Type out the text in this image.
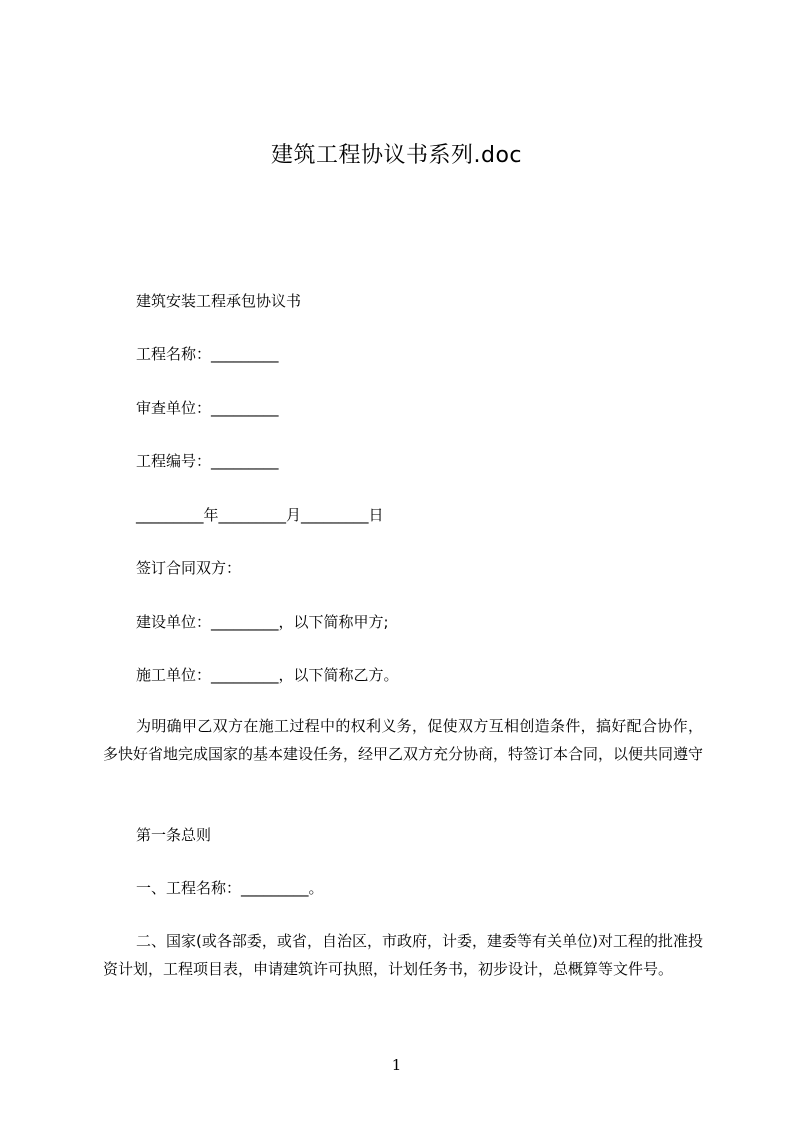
建筑工程协议书系列.doc
建筑安装工程承包协议书
工程名称：_________
审查单位：_________
工程编号：_________
_________年_________月_________日
签订合同双方：
建设单位：_________，以下简称甲方;
施工单位：_________，以下简称乙方。
为明确甲乙双方在施工过程中的权利义务，促使双方互相创造条件，搞好配合协作，多快好省地完成国家的基本建设任务，经甲乙双方充分协商，特签订本合同，以便共同遵守
第一条总则
一、工程名称：_________。
二、国家(或各部委，或省，自治区，市政府，计委，建委等有关单位)对工程的批准投资计划，工程项目表，申请建筑许可执照，计划任务书，初步设计，总概算等文件号。
1
